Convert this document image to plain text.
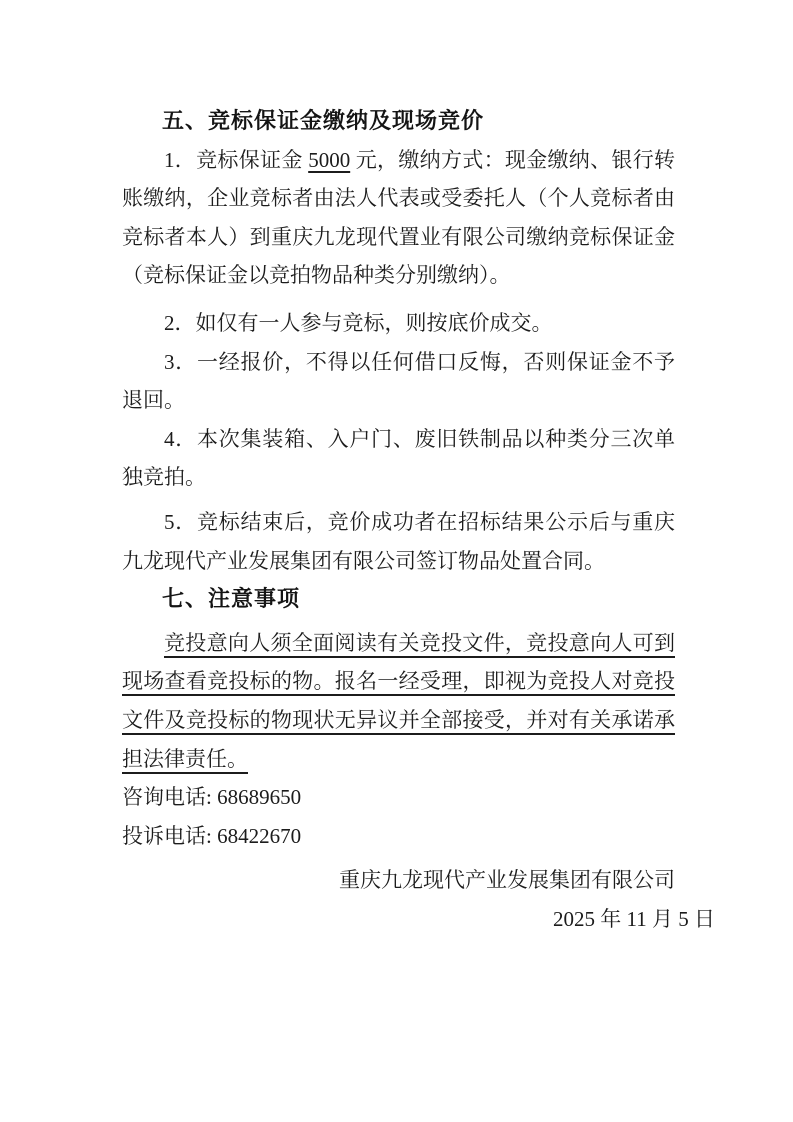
五、竞标保证金缴纳及现场竞价

1．竞标保证金 5000 元，缴纳方式：现金缴纳、银行转账缴纳，企业竞标者由法人代表或受委托人（个人竞标者由竞标者本人）到重庆九龙现代置业有限公司缴纳竞标保证金（竞标保证金以竞拍物品种类分别缴纳）。

2．如仅有一人参与竞标，则按底价成交。

3．一经报价，不得以任何借口反悔，否则保证金不予退回。

4．本次集装箱、入户门、废旧铁制品以种类分三次单独竞拍。

5．竞标结束后，竞价成功者在招标结果公示后与重庆九龙现代产业发展集团有限公司签订物品处置合同。

七、注意事项

竞投意向人须全面阅读有关竞投文件，竞投意向人可到现场查看竞投标的物。报名一经受理，即视为竞投人对竞投文件及竞投标的物现状无异议并全部接受，并对有关承诺承担法律责任。

咨询电话: 68689650

投诉电话: 68422670

重庆九龙现代产业发展集团有限公司
2025 年 11 月 5 日
